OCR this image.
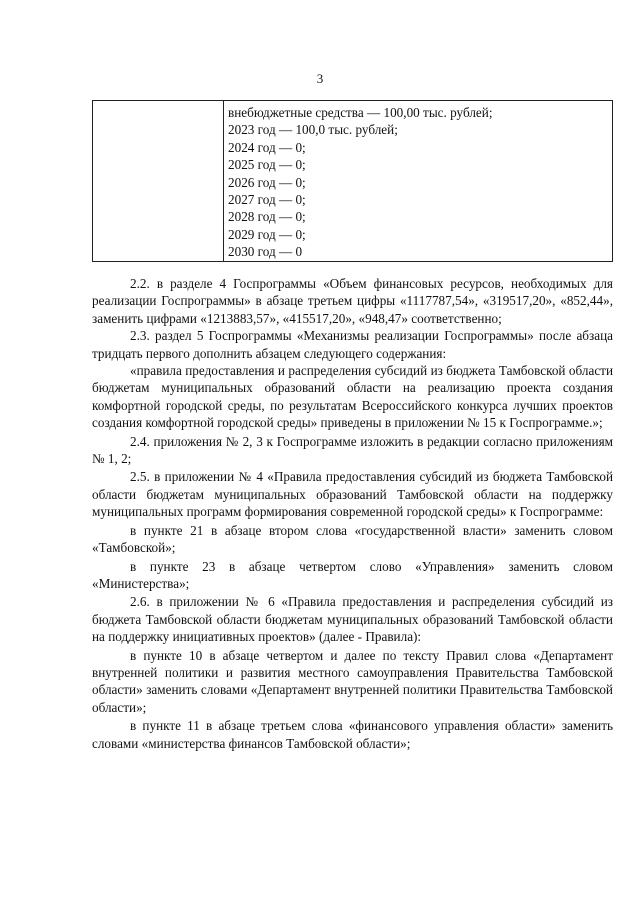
3

внебюджетные средства — 100,00 тыс. рублей;
2023 год — 100,0 тыс. рублей;
2024 год — 0;
2025 год — 0;
2026 год — 0;
2027 год — 0;
2028 год — 0;
2029 год — 0;
2030 год — 0

2.2. в разделе 4 Госпрограммы «Объем финансовых ресурсов, необходимых для реализации Госпрограммы» в абзаце третьем цифры «1117787,54», «319517,20», «852,44», заменить цифрами «1213883,57», «415517,20», «948,47» соответственно;

2.3. раздел 5 Госпрограммы «Механизмы реализации Госпрограммы» после абзаца тридцать первого дополнить абзацем следующего содержания:

«правила предоставления и распределения субсидий из бюджета Тамбовской области бюджетам муниципальных образований области на реализацию проекта создания комфортной городской среды, по результатам Всероссийского конкурса лучших проектов создания комфортной городской среды» приведены в приложении № 15 к Госпрограмме.»;

2.4. приложения № 2, 3 к Госпрограмме изложить в редакции согласно приложениям № 1, 2;

2.5. в приложении № 4 «Правила предоставления субсидий из бюджета Тамбовской области бюджетам муниципальных образований Тамбовской области на поддержку муниципальных программ формирования современной городской среды» к Госпрограмме:

в пункте 21 в абзаце втором слова «государственной власти» заменить словом «Тамбовской»;

в пункте 23 в абзаце четвертом слово «Управления» заменить словом «Министерства»;

2.6. в приложении № 6 «Правила предоставления и распределения субсидий из бюджета Тамбовской области бюджетам муниципальных образований Тамбовской области на поддержку инициативных проектов» (далее - Правила):

в пункте 10 в абзаце четвертом и далее по тексту Правил слова «Департамент внутренней политики и развития местного самоуправления Правительства Тамбовской области» заменить словами «Департамент внутренней политики Правительства Тамбовской области»;

в пункте 11 в абзаце третьем слова «финансового управления области» заменить словами «министерства финансов Тамбовской области»;
